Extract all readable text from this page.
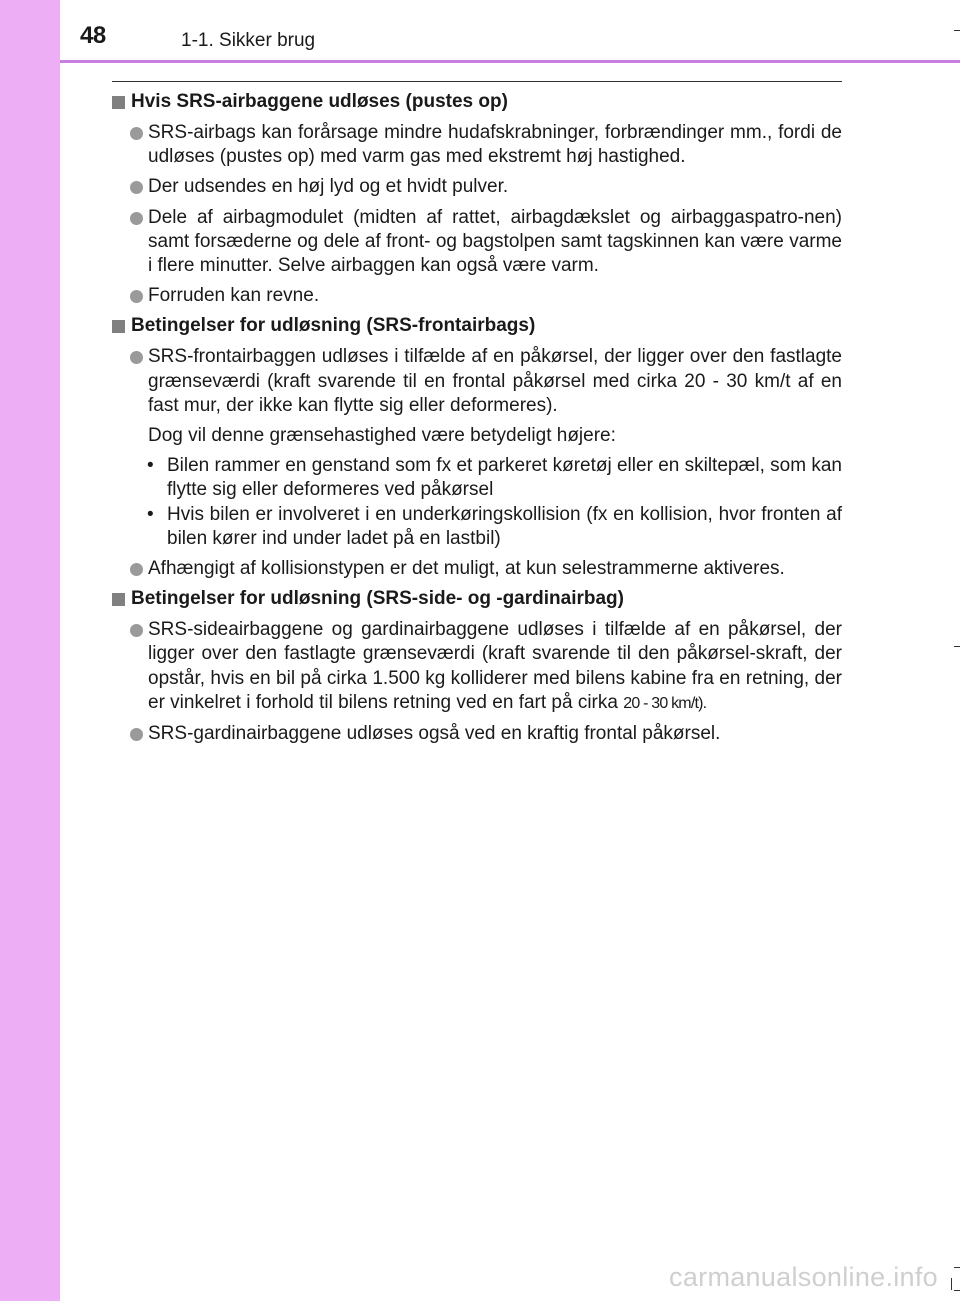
48	1-1. Sikker brug
Hvis SRS-airbaggene udløses (pustes op)
SRS-airbags kan forårsage mindre hudafskrabninger, forbrændinger mm., fordi de udløses (pustes op) med varm gas med ekstremt høj hastighed.
Der udsendes en høj lyd og et hvidt pulver.
Dele af airbagmodulet (midten af rattet, airbagdækslet og airbaggaspatro-nen) samt forsæderne og dele af front- og bagstolpen samt tagskinnen kan være varme i flere minutter. Selve airbaggen kan også være varm.
Forruden kan revne.
Betingelser for udløsning (SRS-frontairbags)
SRS-frontairbaggen udløses i tilfælde af en påkørsel, der ligger over den fastlagte grænseværdi (kraft svarende til en frontal påkørsel med cirka 20 - 30 km/t af en fast mur, der ikke kan flytte sig eller deformeres).
Dog vil denne grænsehastighed være betydeligt højere:
• Bilen rammer en genstand som fx et parkeret køretøj eller en skiltepæl, som kan flytte sig eller deformeres ved påkørsel
• Hvis bilen er involveret i en underkøringskollision (fx en kollision, hvor fronten af bilen kører ind under ladet på en lastbil)
Afhængigt af kollisionstypen er det muligt, at kun selestrammerne aktiveres.
Betingelser for udløsning (SRS-side- og -gardinairbag)
SRS-sideairbaggene og gardinairbaggene udløses i tilfælde af en påkørsel, der ligger over den fastlagte grænseværdi (kraft svarende til den påkørsel-skraft, der opstår, hvis en bil på cirka 1.500 kg kolliderer med bilens kabine fra en retning, der er vinkelret i forhold til bilens retning ved en fart på cirka 20 - 30 km/t).
SRS-gardinairbaggene udløses også ved en kraftig frontal påkørsel.
carmanualsonline.info
